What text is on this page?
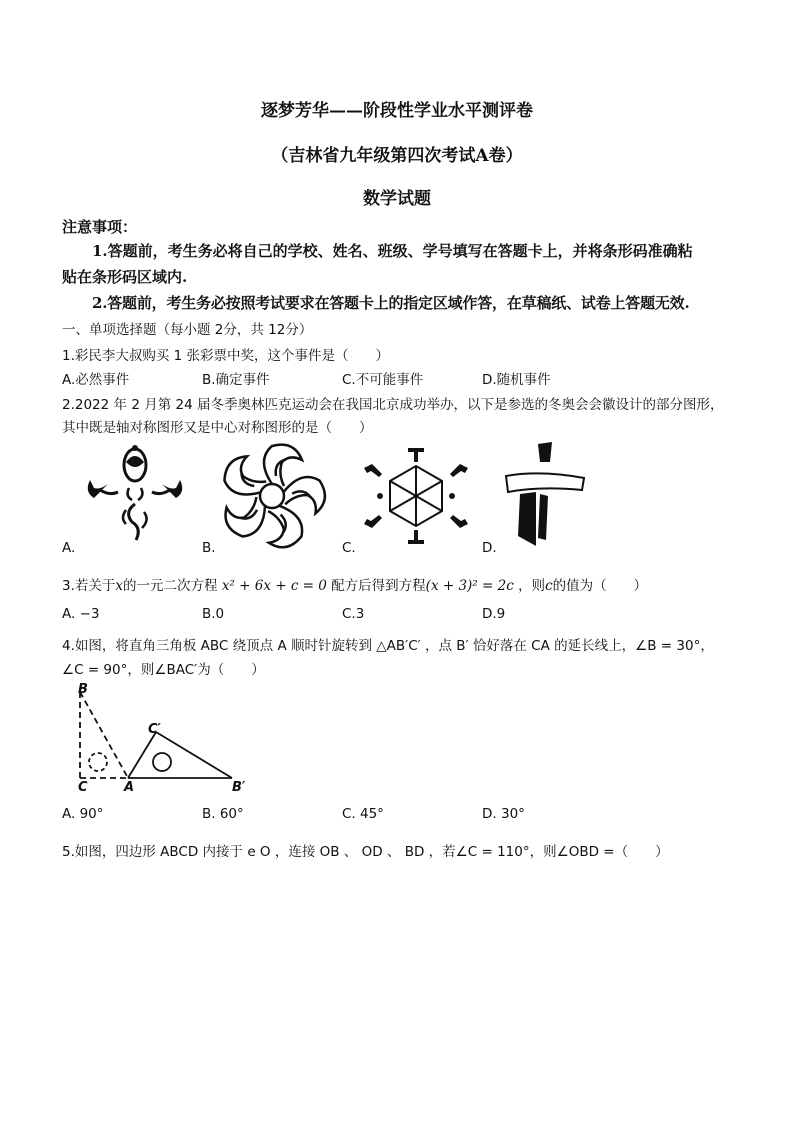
逐梦芳华——阶段性学业水平测评卷
（吉林省九年级第四次考试A卷）
数学试题
注意事项：
1.答题前，考生务必将自己的学校、姓名、班级、学号填写在答题卡上，并将条形码准确粘
贴在条形码区域内.
2.答题前，考生务必按照考试要求在答题卡上的指定区域作答，在草稿纸、试卷上答题无效.
一、单项选择题（每小题 2分，共 12分）
1.彩民李大叔购买 1 张彩票中奖，这个事件是（　　）
A.必然事件	B.确定事件	C.不可能事件	D.随机事件
2.2022 年 2 月第 24 届冬季奥林匹克运动会在我国北京成功举办，以下是参选的冬奥会会徽设计的部分图形，
其中既是轴对称图形又是中心对称图形的是（　　）
A.	B.	C.	D.
3.若关于x的一元二次方程 x² + 6x + c = 0 配方后得到方程(x + 3)² = 2c ，则c的值为（　　）
A. −3	B.0	C.3	D.9
4.如图，将直角三角板 ABC 绕顶点 A 顺时针旋转到 △AB′C′ ，点 B′ 恰好落在 CA 的延长线上，∠B = 30°，
∠C = 90°，则∠BAC′为（　　）
B
C	A
C′
B′
A. 90°	B. 60°	C. 45°	D. 30°
5.如图，四边形 ABCD 内接于 e O ，连接 OB 、 OD 、 BD ，若∠C = 110°，则∠OBD =（　　）
